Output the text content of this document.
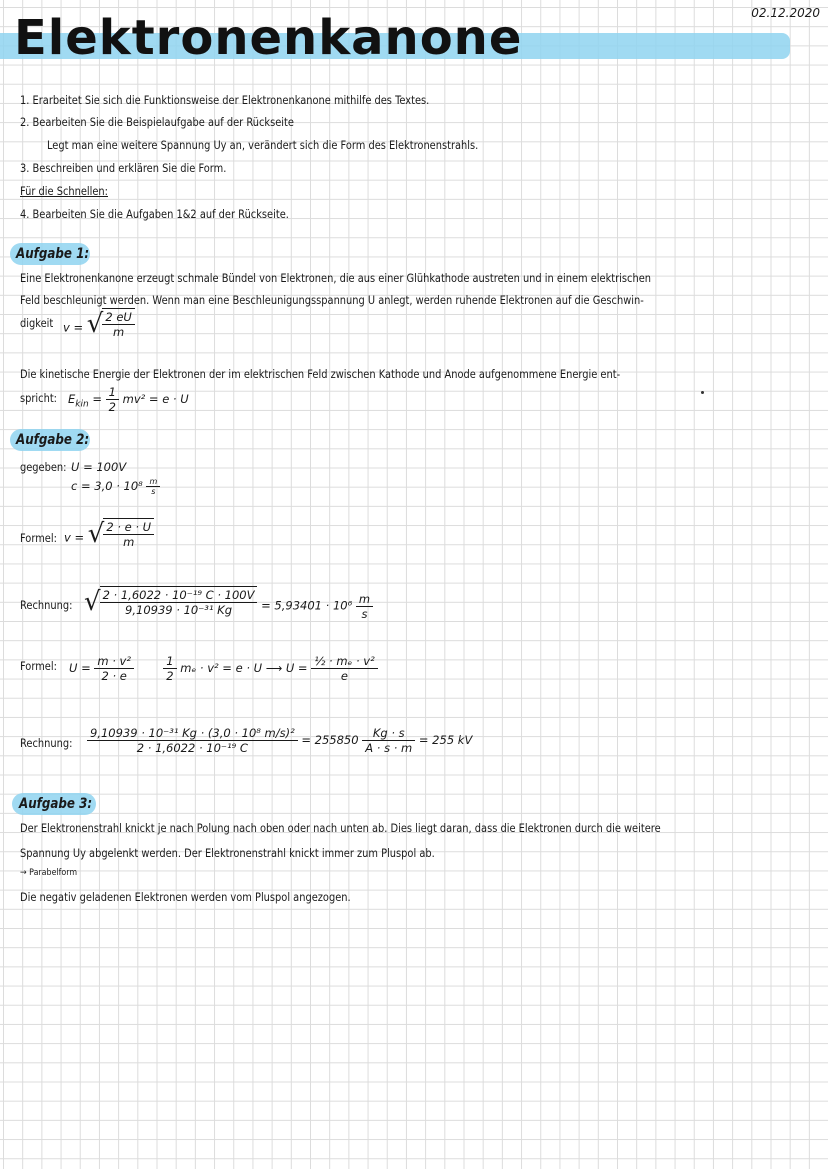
Elektronenkanone	02.12.2020
1. Erarbeitet Sie sich die Funktionsweise der Elektronenkanone mithilfe des Textes.
2. Bearbeiten Sie die Beispielaufgabe auf der Rückseite
Legt man eine weitere Spannung Uy an, verändert sich die Form des Elektronenstrahls.
3. Beschreiben und erklären Sie die Form.
Für die Schnellen:
4. Bearbeiten Sie die Aufgaben 1&2 auf der Rückseite.
Aufgabe 1:
Eine Elektronenkanone erzeugt schmale Bündel von Elektronen, die aus einer Glühkathode austreten und in einem elektrischen
Feld beschleunigt werden. Wenn man eine Beschleunigungsspannung U anlegt, werden ruhende Elektronen auf die Geschwin-
digkeit v = √ $\frac{2 eU}{m}$
Die kinetische Energie der Elektronen der im elektrischen Feld zwischen Kathode und Anode aufgenommene Energie ent-
spricht: $E_{kin} = \frac{1}{2} mv^2 = e \cdot U$
Aufgabe 2:
gegeben: U = 100V
$c = 3,0 \cdot 10^8 \frac{m}{s}$
Formel: v = √ $\frac{2 \cdot e \cdot U}{m}$
Rechnung: √ $\frac{\text{2 · 1,6022 · 10⁻¹⁹ C · 100V}}{\text{9,10939 · 10⁻³¹ Kg}} = 5,93401 \cdot 10^6 \frac{m}{s}$
Formel: $U = \frac{\text{m · v²}}{2 \cdot e}$
	$\frac{1}{2}$ mₑ · v² = e · U ⟶ $U = \frac{\text{½ · mₑ · v²}}{e}$
Rechnung: $\frac{\text{9,10939 · 10⁻³¹ Kg · (3,0 · 10⁸ m/s)²}}{\text{2 · 1,6022 · 10⁻¹⁹ C}} = 255850 \frac{Kg \cdot s}{A \cdot s \cdot m} = 255$ kV
Aufgabe 3:
Der Elektronenstrahl knickt je nach Polung nach oben oder nach unten ab. Dies liegt daran, dass die Elektronen durch die weitere
Spannung Uy abgelenkt werden. Der Elektronenstrahl knickt immer zum Pluspol ab.
→ Parabelform
Die negativ geladenen Elektronen werden vom Pluspol angezogen.
